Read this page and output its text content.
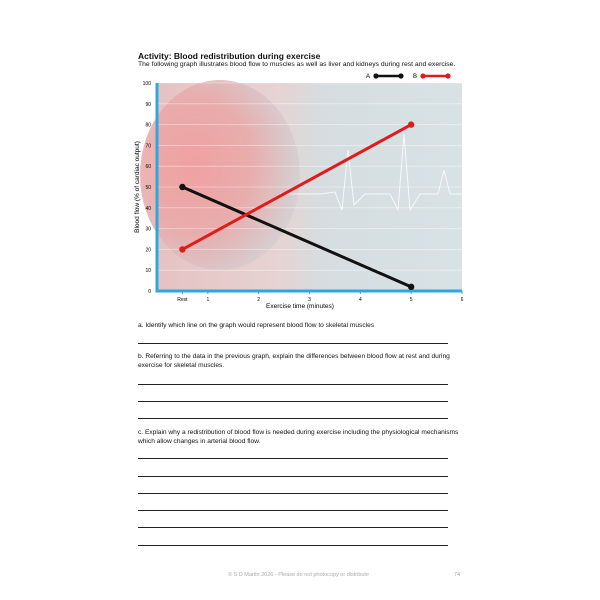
Activity: Blood redistribution during exercise
The following graph illustrates blood flow to muscles as well as liver and kidneys during rest and exercise.
0
10
20
30
40
50
60
70
80
90
100
Rest	1	2	3	4	5	6
Exercise time (minutes)
Blood flow (% of cardiac output)
A	B
a. Identify which line on the graph would represent blood flow to skeletal muscles
b. Referring to the data in the previous graph, explain the differences between blood flow at rest and during exercise for skeletal muscles.
c. Explain why a redistribution of blood flow is needed during exercise including the physiological mechanisms which allow changes in arterial blood flow.
© S D Martin 2026 - Please do not photocopy or distribute	74
